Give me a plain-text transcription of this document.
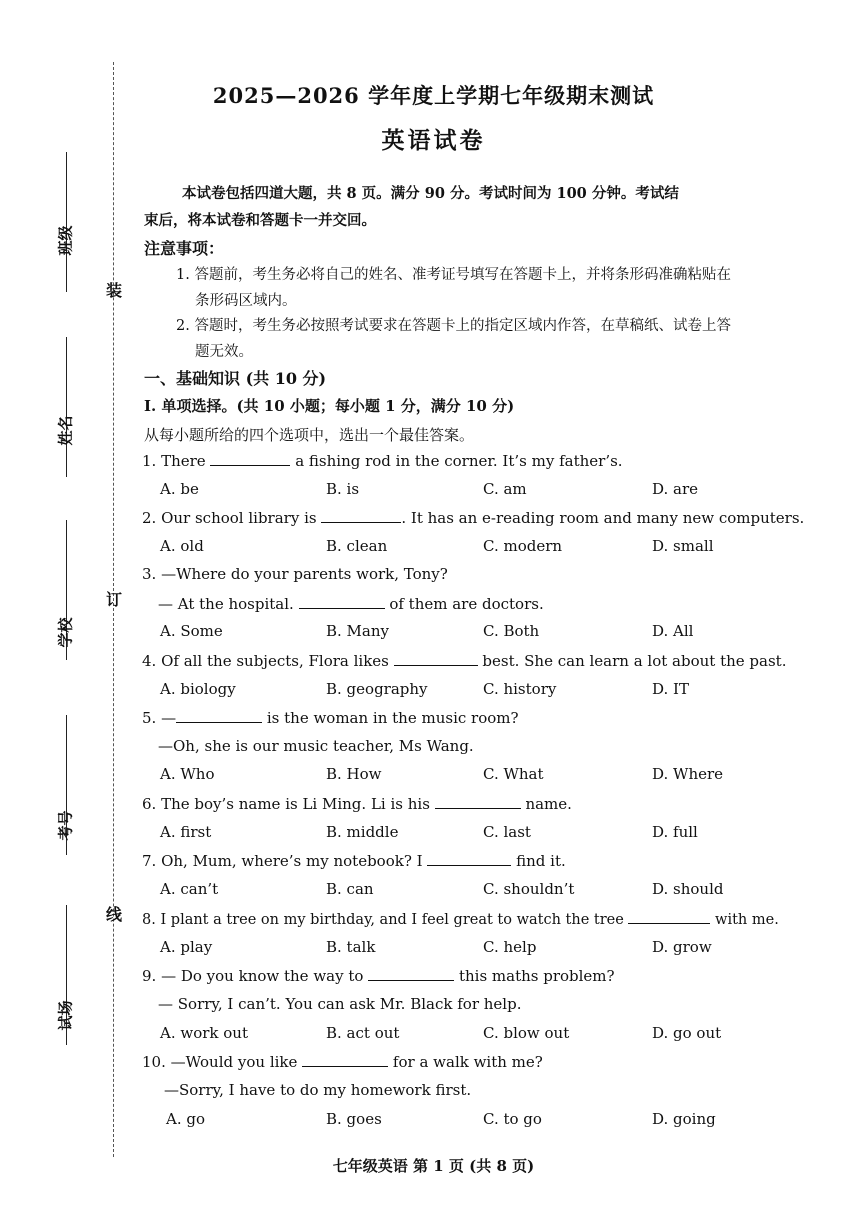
装
订
线
班级
姓名
学校
考号
试场
2025—2026 学年度上学期七年级期末测试
英语试卷
本试卷包括四道大题，共 8 页。满分 90 分。考试时间为 100 分钟。考试结
束后，将本试卷和答题卡一并交回。
注意事项：
1. 答题前，考生务必将自己的姓名、准考证号填写在答题卡上，并将条形码准确粘贴在
条形码区域内。
2. 答题时，考生务必按照考试要求在答题卡上的指定区域内作答，在草稿纸、试卷上答
题无效。
一、基础知识 (共 10 分)
I. 单项选择。(共 10 小题；每小题 1 分，满分 10 分)
从每小题所给的四个选项中，选出一个最佳答案。
1. There	a fishing rod in the corner. It’s my father’s.
A. be	B. is	C. am	D. are
2. Our school library is	. It has an e-reading room and many new computers.
A. old	B. clean	C. modern	D. small
3. —Where do your parents work, Tony?
— At the hospital.	of them are doctors.
A. Some	B. Many	C. Both	D. All
4. Of all the subjects, Flora likes	best. She can learn a lot about the past.
A. biology	B. geography	C. history	D. IT
5. —	is the woman in the music room?
—Oh, she is our music teacher, Ms Wang.
A. Who	B. How	C. What	D. Where
6. The boy’s name is Li Ming. Li is his	name.
A. first	B. middle	C. last	D. full
7. Oh, Mum, where’s my notebook? I	find it.
A. can’t	B. can	C. shouldn’t	D. should
8. I plant a tree on my birthday, and I feel great to watch the tree	with me.
A. play	B. talk	C. help	D. grow
9. — Do you know the way to	this maths problem?
— Sorry, I can’t. You can ask Mr. Black for help.
A. work out	B. act out	C. blow out	D. go out
10. —Would you like	for a walk with me?
—Sorry, I have to do my homework first.
A. go	B. goes	C. to go	D. going
七年级英语 第 1 页 (共 8 页)
